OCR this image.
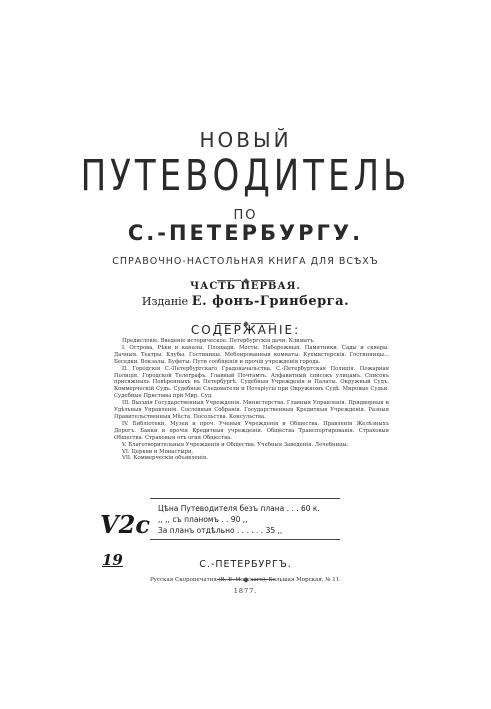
НОВЫЙ
ПУТЕВОДИТЕЛЬ
ПО
С.-ПЕТЕРБУРГУ.
СПРАВОЧНО-НАСТОЛЬНАЯ КНИГА ДЛЯ ВСѢХЪ
ЧАСТЬ ПЕРВАЯ.
Изданіе Е. фонъ-Гринберга.
СОДЕРЖАНІЕ:

Предисловіе. Введеніе историческое. Петербургскія дачи. Климатъ.

I. Острова, Рѣки и каналы. Площади. Мосты. Набережныя. Памятники. Сады и скверы. Дачныя. Театры. Клубы. Гостиницы. Меблированныя комнаты. Кухмистерскія. Гостинницы... Беседки. Вокзалы. Буфеты. Пути сообщенія и прочія учрежденія города.

II. Городскія С.-Петербургскаго Градоначальства. С.-Петербургская Полиція. Пожарная Полиція. Городской Телеграфъ. Главный Почтамтъ. Алфавитный списокъ улицамъ. Списокъ присяжныхъ Повѣренныхъ въ Петербургѣ. Судебныя Учрежденія и Палаты. Окружный Судъ. Коммерческій Судъ. Судебные Следователи и Нотаріусы при Окружномъ Судѣ. Мировые Судьи. Судебные Приставы при Мир. Суд.

III. Высшія Государственныя Учрежденія. Министерства. Главныя Управленія. Придворныя и Удѣльныя Управленія. Сословныя Собранія. Государственныя Кредитныя Учрежденія. Разныя Правительственныя Мѣста. Посольства. Консульства.

IV. Библіотеки, Музеи и проч. Ученыя Учрежденія и Общества. Правленія Желѣзныхъ Дорогъ. Банки и прочія Кредитныя учрежденія. Общества Транспортированія. Страховыя Общества. Страховыя отъ огня Общества.

V. Благотворительныя Учрежденія и Общества. Учебныя Заведенія. Лечебницы.

VI. Церкви и Монастыри.

VII. Коммерческія объявленія.

Цѣна Путеводителя безъ плана . . . 60 к.
,, ,, съ планомъ . . 90 ,,
За планъ отдѣльно . . . . . . 35 ,,
V2c
19	С.-ПЕТЕРБУРГЪ.
Русская Скоропечатня (В. Е. Ильскаго), Большая Морская, № 11.
1877.
